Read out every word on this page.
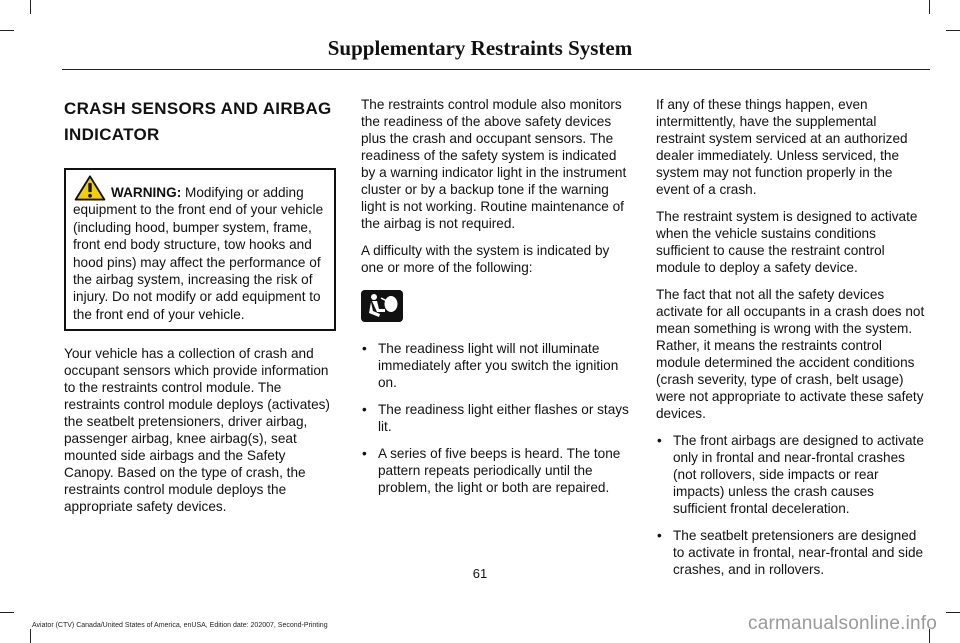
Supplementary Restraints System
CRASH SENSORS AND AIRBAG
INDICATOR
WARNING: Modifying or adding equipment to the front end of your vehicle (including hood, bumper system, frame, front end body structure, tow hooks and hood pins) may affect the performance of the airbag system, increasing the risk of injury. Do not modify or add equipment to the front end of your vehicle.

Your vehicle has a collection of crash and occupant sensors which provide information to the restraints control module. The restraints control module deploys (activates) the seatbelt pretensioners, driver airbag, passenger airbag, knee airbag(s), seat mounted side airbags and the Safety Canopy. Based on the type of crash, the restraints control module deploys the appropriate safety devices.

The restraints control module also monitors the readiness of the above safety devices plus the crash and occupant sensors. The readiness of the safety system is indicated by a warning indicator light in the instrument cluster or by a backup tone if the warning light is not working. Routine maintenance of the airbag is not required.

A difficulty with the system is indicated by one or more of the following:

• The readiness light will not illuminate immediately after you switch the ignition on.
• The readiness light either flashes or stays lit.
• A series of five beeps is heard. The tone pattern repeats periodically until the problem, the light or both are repaired.

If any of these things happen, even intermittently, have the supplemental restraint system serviced at an authorized dealer immediately. Unless serviced, the system may not function properly in the event of a crash.

The restraint system is designed to activate when the vehicle sustains conditions sufficient to cause the restraint control module to deploy a safety device.

The fact that not all the safety devices activate for all occupants in a crash does not mean something is wrong with the system. Rather, it means the restraints control module determined the accident conditions (crash severity, type of crash, belt usage) were not appropriate to activate these safety devices.

• The front airbags are designed to activate only in frontal and near-frontal crashes (not rollovers, side impacts or rear impacts) unless the crash causes sufficient frontal deceleration.
• The seatbelt pretensioners are designed to activate in frontal, near-frontal and side crashes, and in rollovers.
61
Aviator (CTV) Canada/United States of America, enUSA, Edition date: 202007, Second-Printing	carmanualsonline.info
